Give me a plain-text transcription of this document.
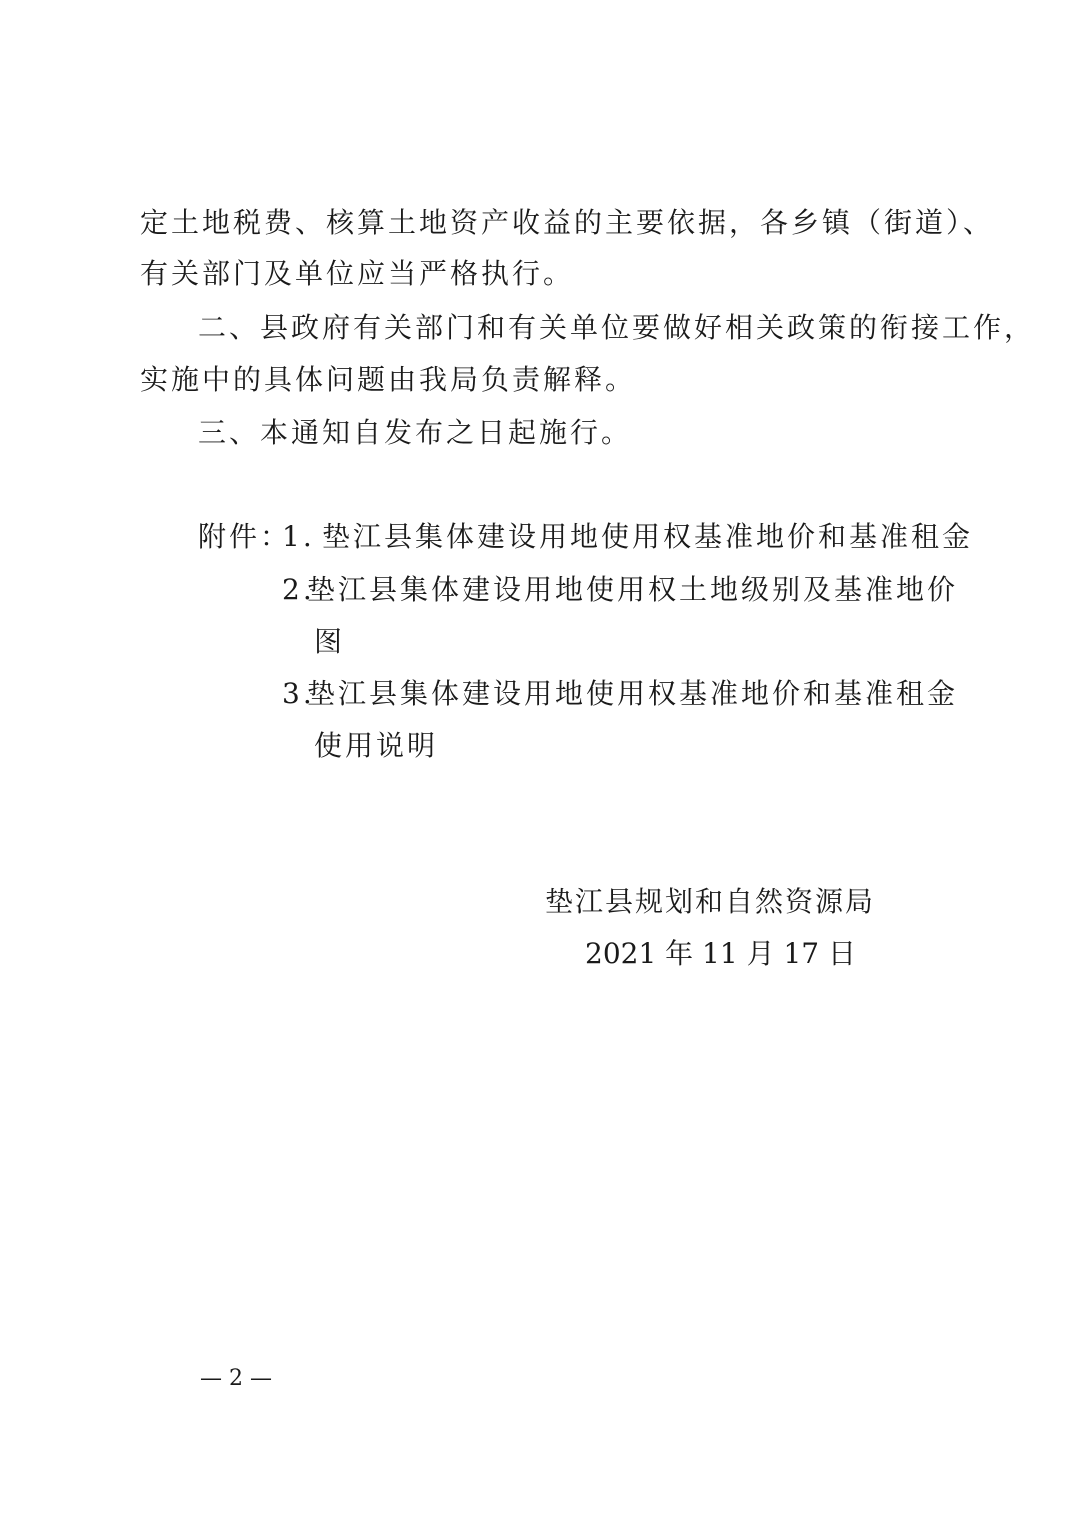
定土地税费、核算土地资产收益的主要依据，各乡镇（街道）、
有关部门及单位应当严格执行。
二、县政府有关部门和有关单位要做好相关政策的衔接工作，
实施中的具体问题由我局负责解释。
三、本通知自发布之日起施行。
附件：
1. 垫江县集体建设用地使用权基准地价和基准租金
2.
垫江县集体建设用地使用权土地级别及基准地价
图
3.
垫江县集体建设用地使用权基准地价和基准租金
使用说明
垫江县规划和自然资源局
2021 年 11 月 17 日
— 2 —
